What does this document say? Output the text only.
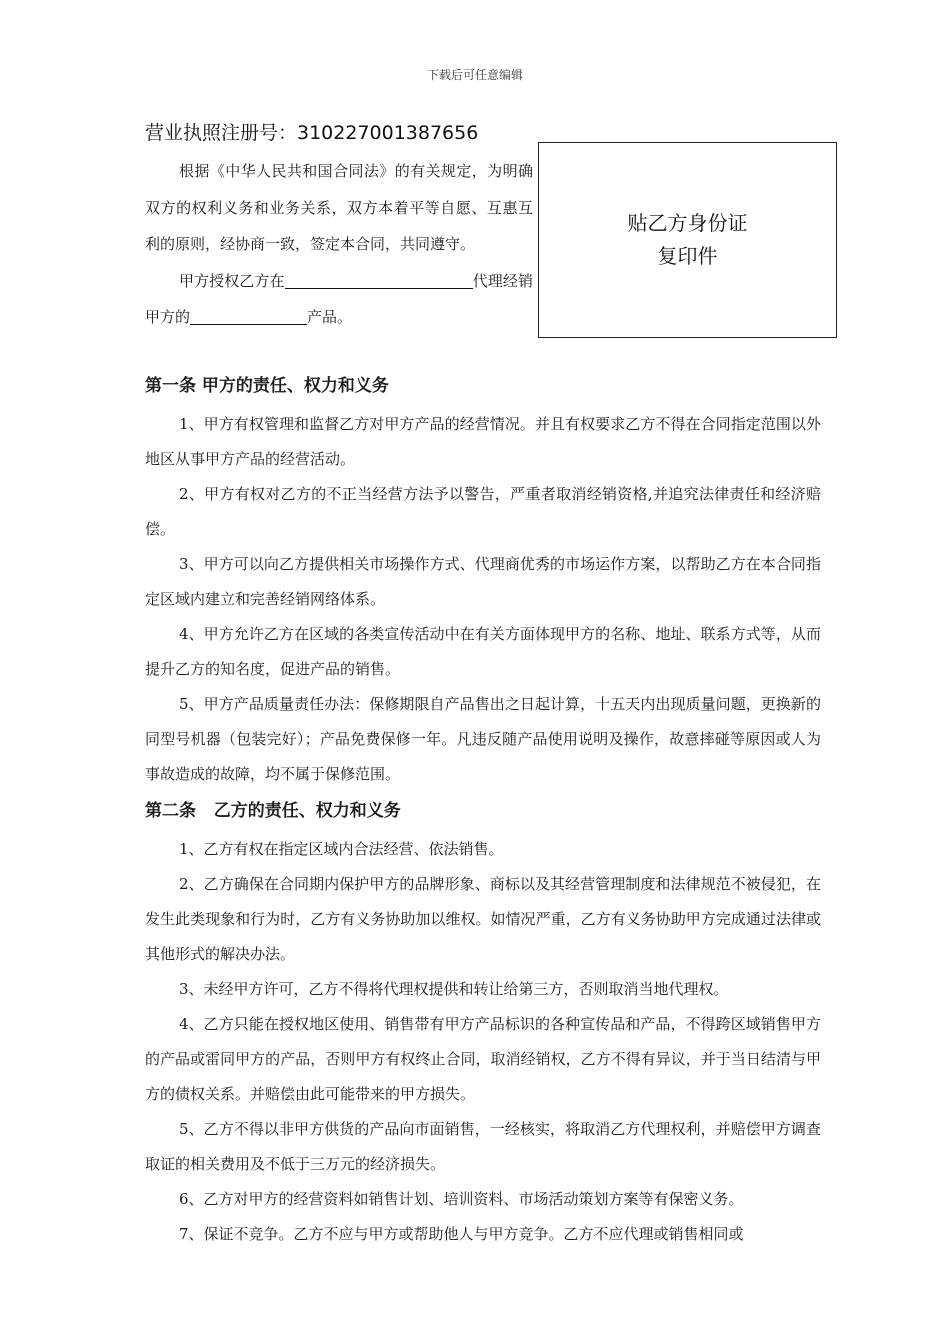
下载后可任意编辑
营业执照注册号：310227001387656
贴乙方身份证
复印件

根据《中华人民共和国合同法》的有关规定，为明确双方的权利义务和业务关系，双方本着平等自愿、互惠互利的原则，经协商一致，签定本合同，共同遵守。

甲方授权乙方在	代理经销甲方的	产品。

第一条 甲方的责任、权力和义务

1、甲方有权管理和监督乙方对甲方产品的经营情况。并且有权要求乙方不得在合同指定范围以外地区从事甲方产品的经营活动。

2、甲方有权对乙方的不正当经营方法予以警告，严重者取消经销资格,并追究法律责任和经济赔偿。

3、甲方可以向乙方提供相关市场操作方式、代理商优秀的市场运作方案，以帮助乙方在本合同指定区域内建立和完善经销网络体系。

4、甲方允许乙方在区域的各类宣传活动中在有关方面体现甲方的名称、地址、联系方式等，从而提升乙方的知名度，促进产品的销售。

5、甲方产品质量责任办法：保修期限自产品售出之日起计算，十五天内出现质量问题，更换新的同型号机器（包装完好）；产品免费保修一年。凡违反随产品使用说明及操作，故意摔碰等原因或人为事故造成的故障，均不属于保修范围。

第二条   乙方的责任、权力和义务

1、乙方有权在指定区域内合法经营、依法销售。

2、乙方确保在合同期内保护甲方的品牌形象、商标以及其经营管理制度和法律规范不被侵犯，在发生此类现象和行为时，乙方有义务协助加以维权。如情况严重，乙方有义务协助甲方完成通过法律或其他形式的解决办法。

3、未经甲方许可，乙方不得将代理权提供和转让给第三方，否则取消当地代理权。

4、乙方只能在授权地区使用、销售带有甲方产品标识的各种宣传品和产品，不得跨区域销售甲方的产品或雷同甲方的产品，否则甲方有权终止合同，取消经销权，乙方不得有异议，并于当日结清与甲方的债权关系。并赔偿由此可能带来的甲方损失。

5、乙方不得以非甲方供货的产品向市面销售，一经核实，将取消乙方代理权利，并赔偿甲方调查取证的相关费用及不低于三万元的经济损失。

6、乙方对甲方的经营资料如销售计划、培训资料、市场活动策划方案等有保密义务。

7、保证不竞争。乙方不应与甲方或帮助他人与甲方竞争。乙方不应代理或销售相同或
